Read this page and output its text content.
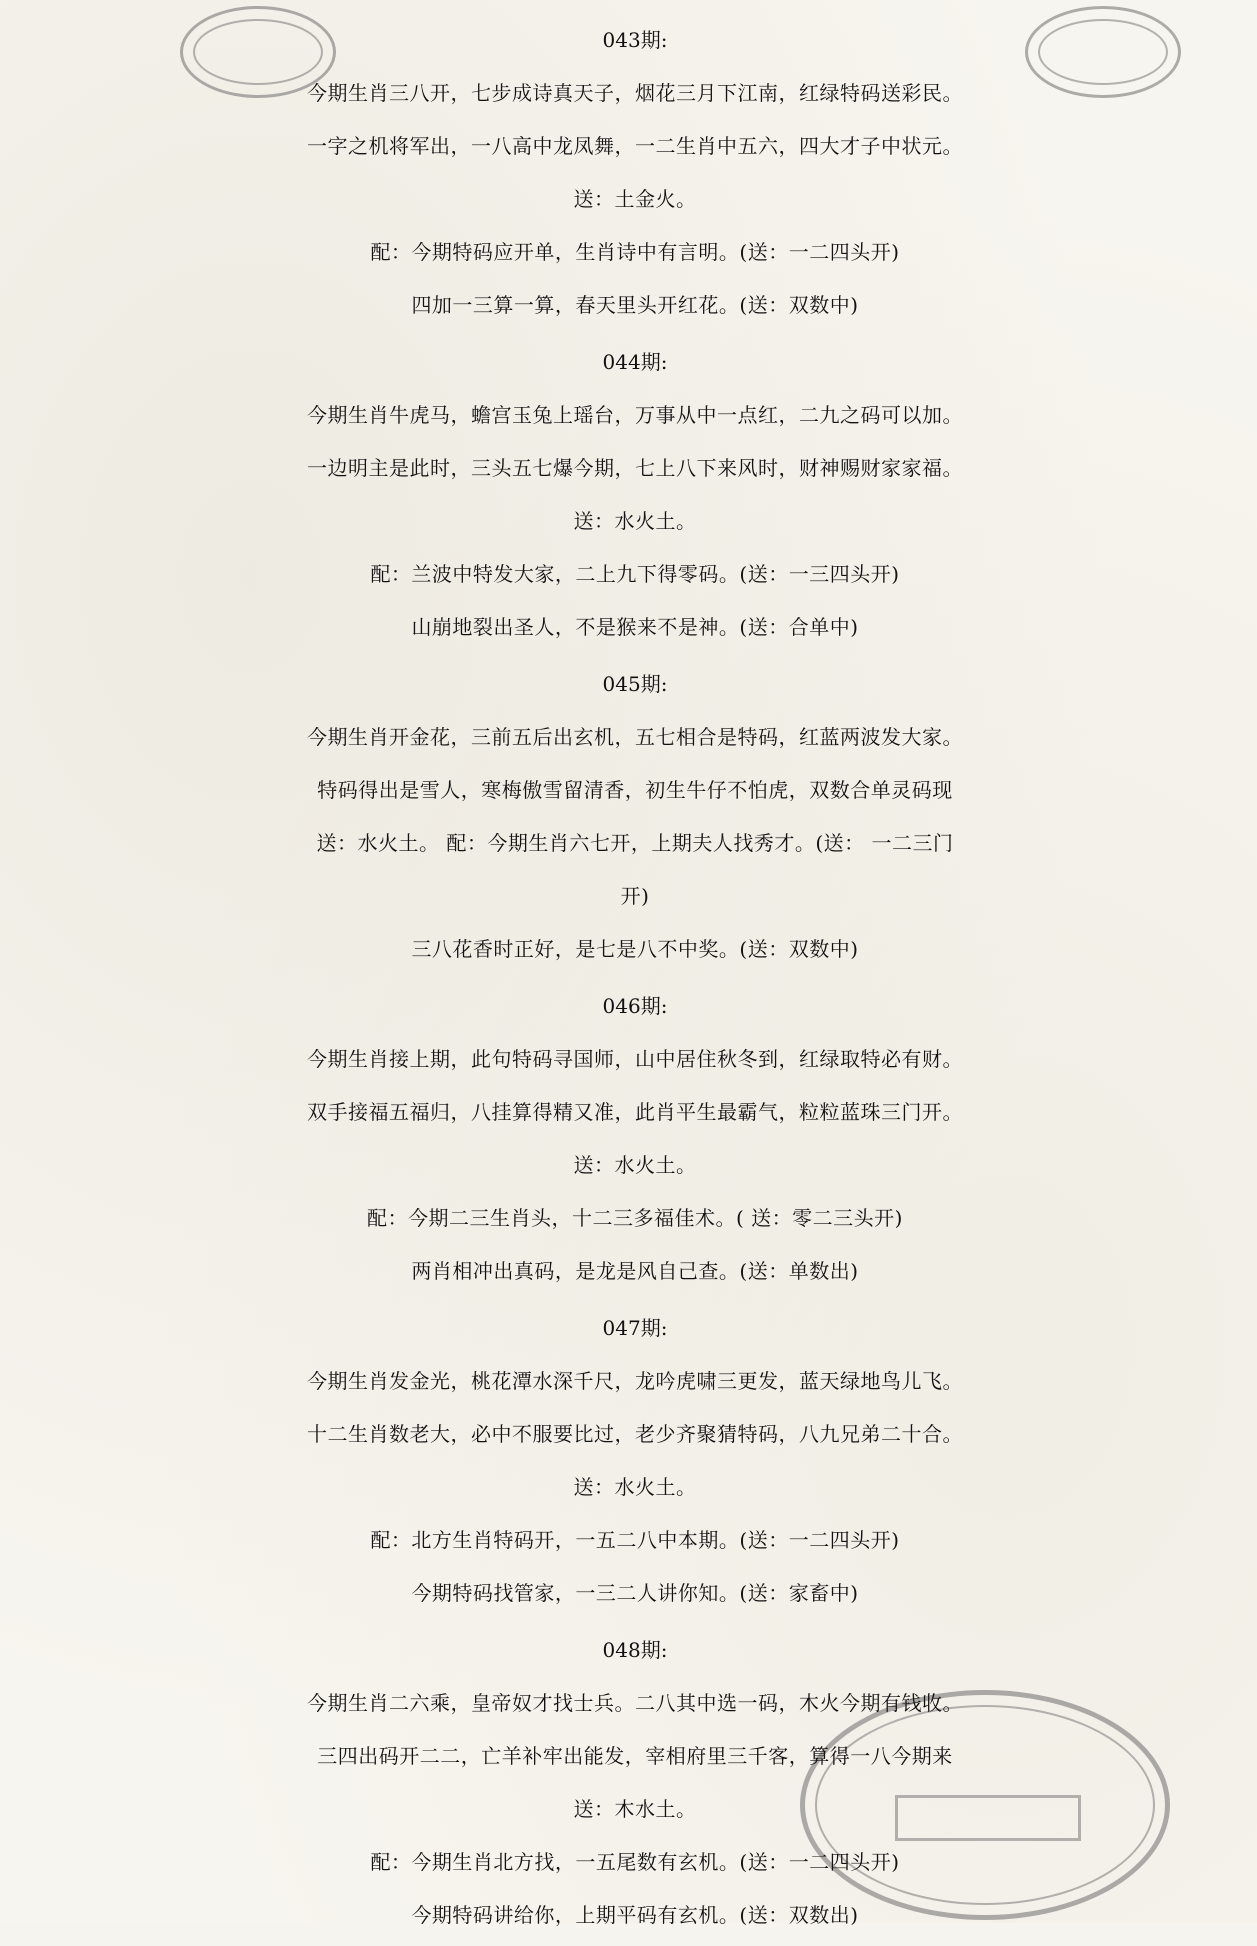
043期:
今期生肖三八开，七步成诗真天子，烟花三月下江南，红绿特码送彩民。
一字之机将军出，一八高中龙凤舞，一二生肖中五六，四大才子中状元。
送：土金火。
配：今期特码应开单，生肖诗中有言明。(送：一二四头开)
四加一三算一算，春天里头开红花。(送：双数中)
044期:
今期生肖牛虎马，蟾宫玉兔上瑶台，万事从中一点红，二九之码可以加。
一边明主是此时，三头五七爆今期，七上八下来风时，财神赐财家家福。
送：水火土。
配：兰波中特发大家，二上九下得零码。(送：一三四头开)
山崩地裂出圣人，不是猴来不是神。(送：合单中)
045期:
今期生肖开金花，三前五后出玄机，五七相合是特码，红蓝两波发大家。
特码得出是雪人，寒梅傲雪留清香，初生牛仔不怕虎，双数合单灵码现
送：水火土。 配：今期生肖六七开，上期夫人找秀才。(送： 一二三门
开)
三八花香时正好，是七是八不中奖。(送：双数中)
046期:
今期生肖接上期，此句特码寻国师，山中居住秋冬到，红绿取特必有财。
双手接福五福归，八挂算得精又准，此肖平生最霸气，粒粒蓝珠三门开。
送：水火土。
配：今期二三生肖头，十二三多福佳术。( 送：零二三头开)
两肖相冲出真码，是龙是风自己查。(送：单数出)
047期:
今期生肖发金光，桃花潭水深千尺，龙吟虎啸三更发，蓝天绿地鸟儿飞。
十二生肖数老大，必中不服要比过，老少齐聚猜特码，八九兄弟二十合。
送：水火土。
配：北方生肖特码开，一五二八中本期。(送：一二四头开)
今期特码找管家，一三二人讲你知。(送：家畜中)
048期:
今期生肖二六乘，皇帝奴才找士兵。二八其中选一码，木火今期有钱收。
三四出码开二二，亡羊补牢出能发，宰相府里三千客，算得一八今期来
送：木水土。
配：今期生肖北方找，一五尾数有玄机。(送：一二四头开)
今期特码讲给你，上期平码有玄机。(送：双数出)
